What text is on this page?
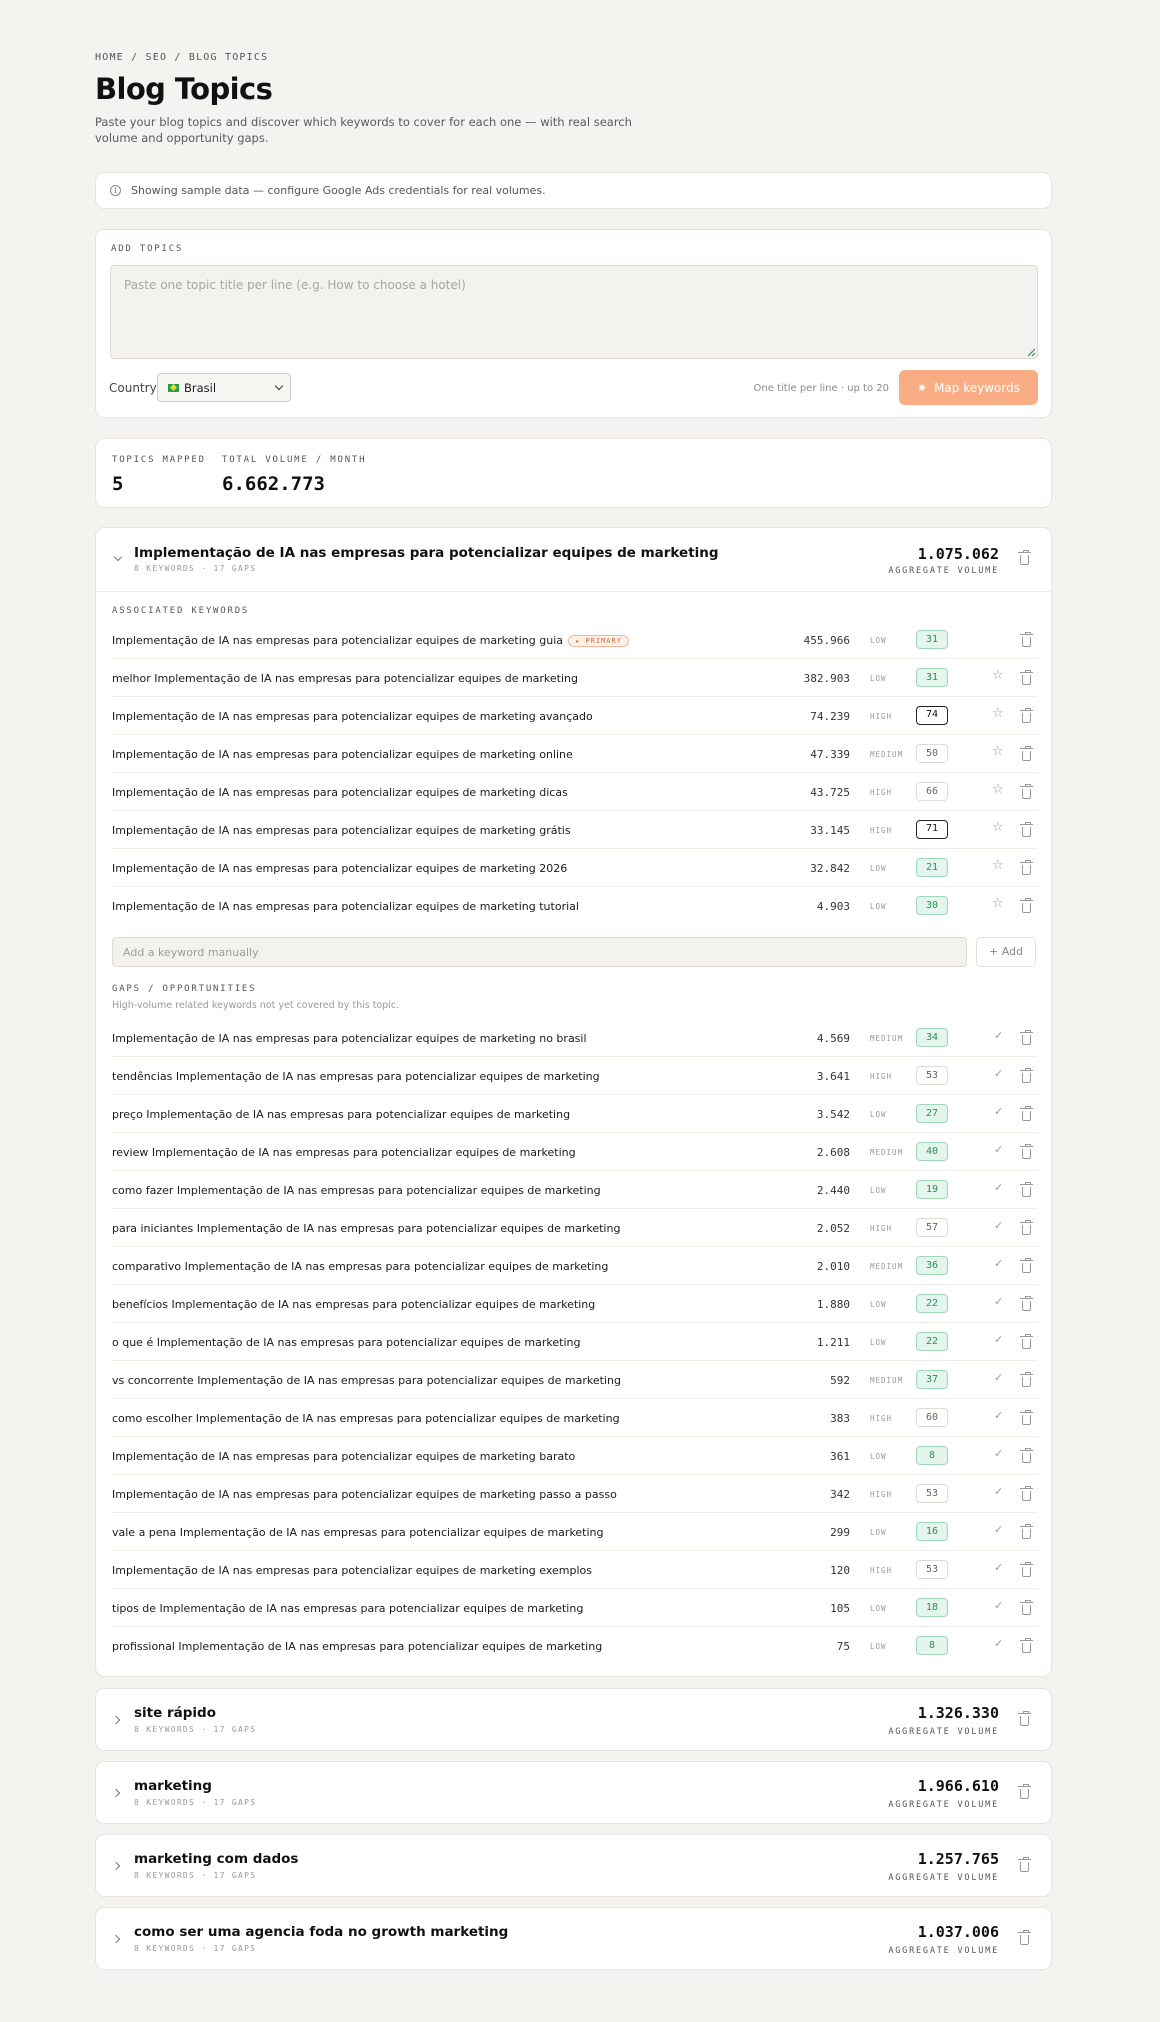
HOME / SEO / BLOG TOPICS
Blog Topics

Paste your blog topics and discover which keywords to cover for each one — with real search volume and opportunity gaps.

i	Showing sample data — configure Google Ads credentials for real volumes.
ADD TOPICS
Paste one topic title per line (e.g. How to choose a hotel)
Country Brasil	One title per line · up to 20 ✷ Map keywords
TOPICS MAPPED
5
TOTAL VOLUME / MONTH
6.662.773
Implementação de IA nas empresas para potencializar equipes de marketing
8 KEYWORDS · 17 GAPS
1.075.062
AGGREGATE VOLUME
ASSOCIATED KEYWORDS
Implementação de IA nas empresas para potencializar equipes de marketing guia ★ PRIMARY	455.966	LOW	31
melhor Implementação de IA nas empresas para potencializar equipes de marketing	382.903	LOW	31	☆
Implementação de IA nas empresas para potencializar equipes de marketing avançado	74.239	HIGH	74	☆
Implementação de IA nas empresas para potencializar equipes de marketing online	47.339	MEDIUM	50	☆
Implementação de IA nas empresas para potencializar equipes de marketing dicas	43.725	HIGH	66	☆
Implementação de IA nas empresas para potencializar equipes de marketing grátis	33.145	HIGH	71	☆
Implementação de IA nas empresas para potencializar equipes de marketing 2026	32.842	LOW	21	☆
Implementação de IA nas empresas para potencializar equipes de marketing tutorial	4.903	LOW	30	☆
Add a keyword manually
+ Add
GAPS / OPPORTUNITIES
High-volume related keywords not yet covered by this topic.
Implementação de IA nas empresas para potencializar equipes de marketing no brasil	4.569	MEDIUM	34	✓
tendências Implementação de IA nas empresas para potencializar equipes de marketing	3.641	HIGH	53	✓
preço Implementação de IA nas empresas para potencializar equipes de marketing	3.542	LOW	27	✓
review Implementação de IA nas empresas para potencializar equipes de marketing	2.608	MEDIUM	40	✓
como fazer Implementação de IA nas empresas para potencializar equipes de marketing	2.440	LOW	19	✓
para iniciantes Implementação de IA nas empresas para potencializar equipes de marketing	2.052	HIGH	57	✓
comparativo Implementação de IA nas empresas para potencializar equipes de marketing	2.010	MEDIUM	36	✓
benefícios Implementação de IA nas empresas para potencializar equipes de marketing	1.880	LOW	22	✓
o que é Implementação de IA nas empresas para potencializar equipes de marketing	1.211	LOW	22	✓
vs concorrente Implementação de IA nas empresas para potencializar equipes de marketing	592	MEDIUM	37	✓
como escolher Implementação de IA nas empresas para potencializar equipes de marketing	383	HIGH	60	✓
Implementação de IA nas empresas para potencializar equipes de marketing barato	361	LOW	8	✓
Implementação de IA nas empresas para potencializar equipes de marketing passo a passo	342	HIGH	53	✓
vale a pena Implementação de IA nas empresas para potencializar equipes de marketing	299	LOW	16	✓
Implementação de IA nas empresas para potencializar equipes de marketing exemplos	120	HIGH	53	✓
tipos de Implementação de IA nas empresas para potencializar equipes de marketing	105	LOW	18	✓
profissional Implementação de IA nas empresas para potencializar equipes de marketing	75	LOW	8	✓
site rápido
8 KEYWORDS · 17 GAPS
1.326.330
AGGREGATE VOLUME
marketing
8 KEYWORDS · 17 GAPS
1.966.610
AGGREGATE VOLUME
marketing com dados
8 KEYWORDS · 17 GAPS
1.257.765
AGGREGATE VOLUME
como ser uma agencia foda no growth marketing
8 KEYWORDS · 17 GAPS
1.037.006
AGGREGATE VOLUME
